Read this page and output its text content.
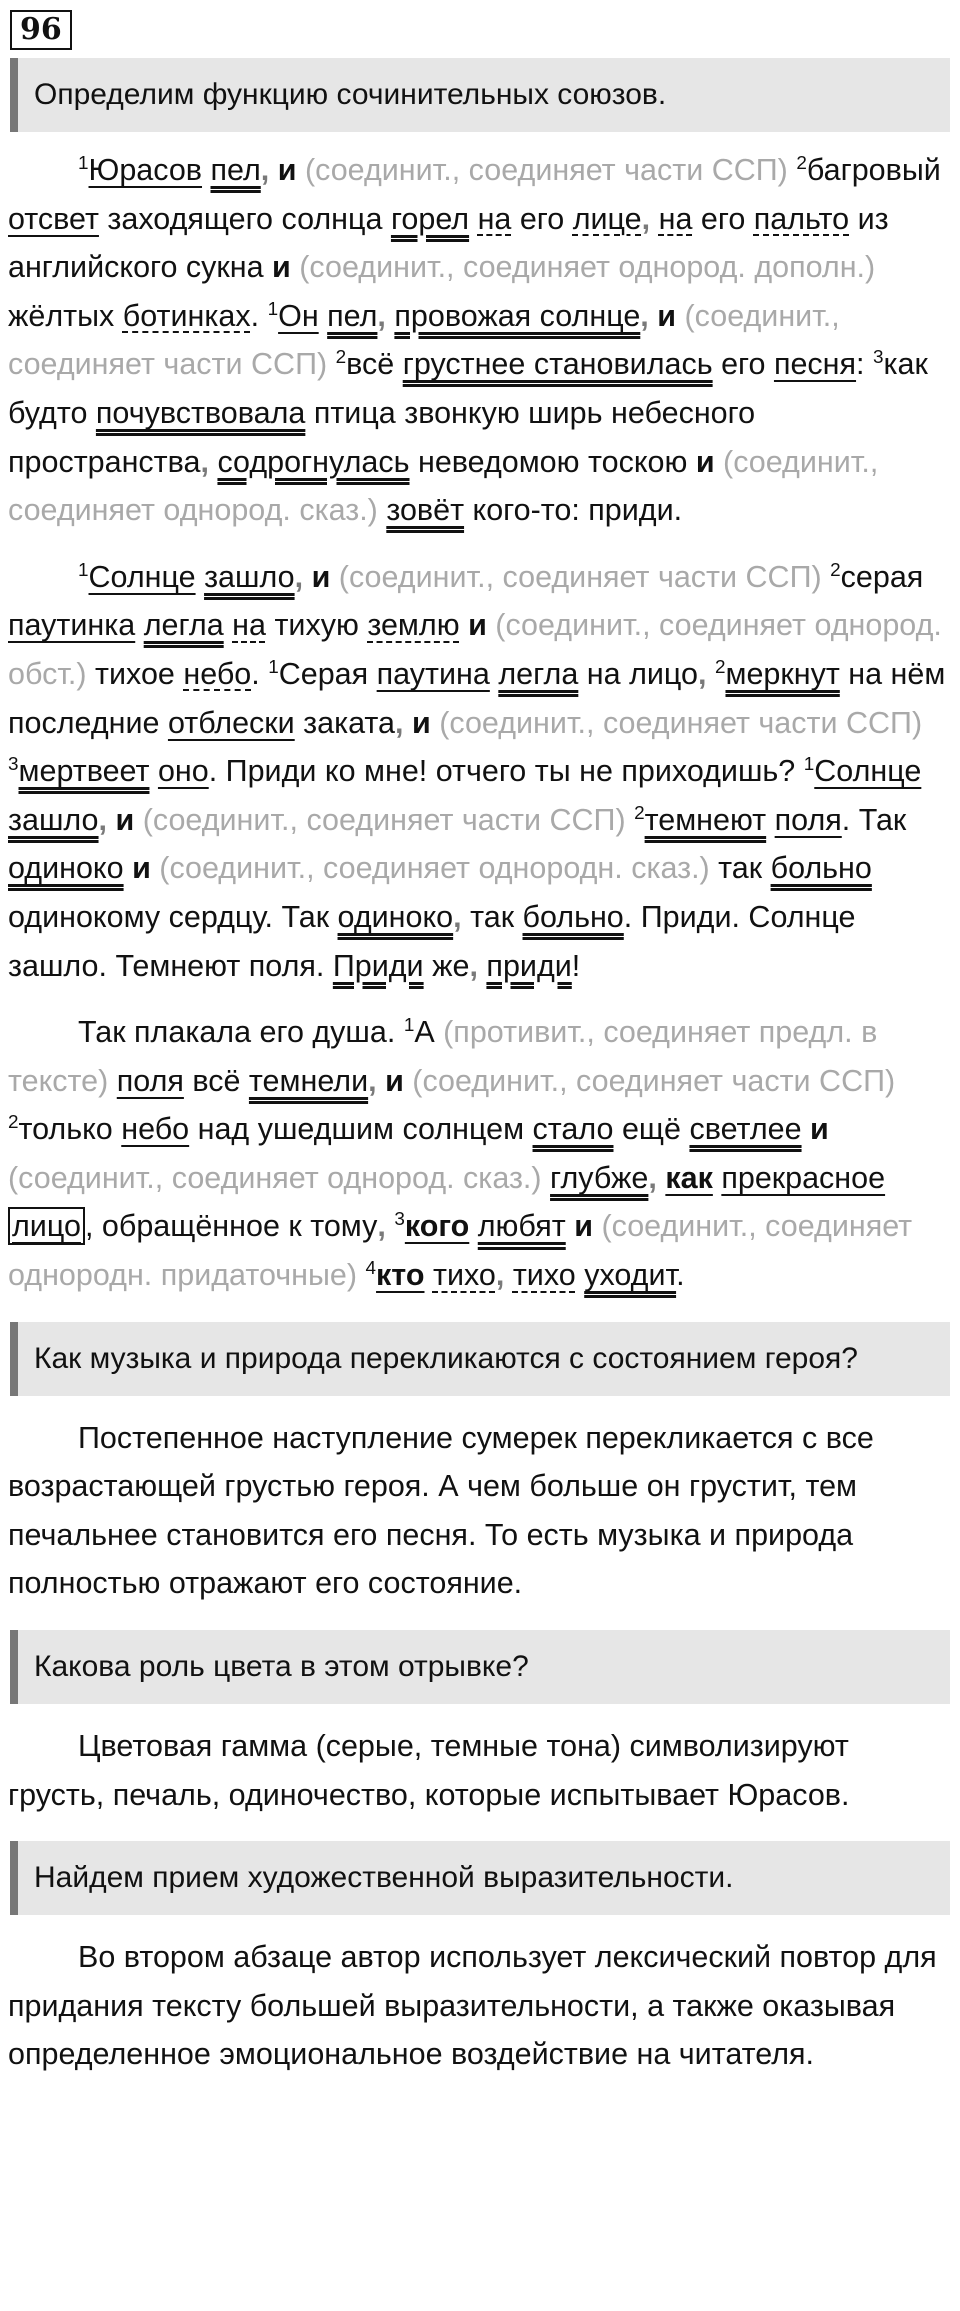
96
Определим функцию сочинительных союзов.

$^1$Юрасов пел, и (соединит., соединяет части ССП) $^2$багровый отсвет заходящего солнца горел на его лице, на его пальто из английского сукна и (соединит., соединяет однород. дополн.) жёлтых ботинках. $^1$Он пел, провожая солнце, и (соединит., соединяет части ССП) $^2$всё грустнее становилась его песня: $^3$как будто почувствовала птица звонкую ширь небесного пространства, содрогнулась неведомою тоскою и (соединит., соединяет однород. сказ.) зовёт кого-то: приди.

$^1$Солнце зашло, и (соединит., соединяет части ССП) $^2$серая паутинка легла на тихую землю и (соединит., соединяет однород. обст.) тихое небо. $^1$Серая паутина легла на лицо, $^2$меркнут на нём последние отблески заката, и (соединит., соединяет части ССП) $^3$мертвеет оно. Приди ко мне! отчего ты не приходишь? $^1$Солнце зашло, и (соединит., соединяет части ССП) $^2$темнеют поля. Так одиноко и (соединит., соединяет однородн. сказ.) так больно одинокому сердцу. Так одиноко, так больно. Приди. Солнце зашло. Темнеют поля. Приди же, приди!

Так плакала его душа. $^1$А (противит., соединяет предл. в тексте) поля всё темнели, и (соединит., соединяет части ССП) $^2$только небо над ушедшим солнцем стало ещё светлее и (соединит., соединяет однород. сказ.) глубже, как прекрасное лицо , обращённое к тому, $^3$кого любят и (соединит., соединяет однородн. придаточные) $^4$кто тихо, тихо уходит.

Как музыка и природа перекликаются с состоянием героя?

Постепенное наступление сумерек перекликается с все возрастающей грустью героя. А чем больше он грустит, тем печальнее становится его песня. То есть музыка и природа полностью отражают его состояние.

Какова роль цвета в этом отрывке?

Цветовая гамма (серые, темные тона) символизируют грусть, печаль, одиночество, которые испытывает Юрасов.

Найдем прием художественной выразительности.

Во втором абзаце автор использует лексический повтор для придания тексту большей выразительности, а также оказывая определенное эмоциональное воздействие на читателя.
